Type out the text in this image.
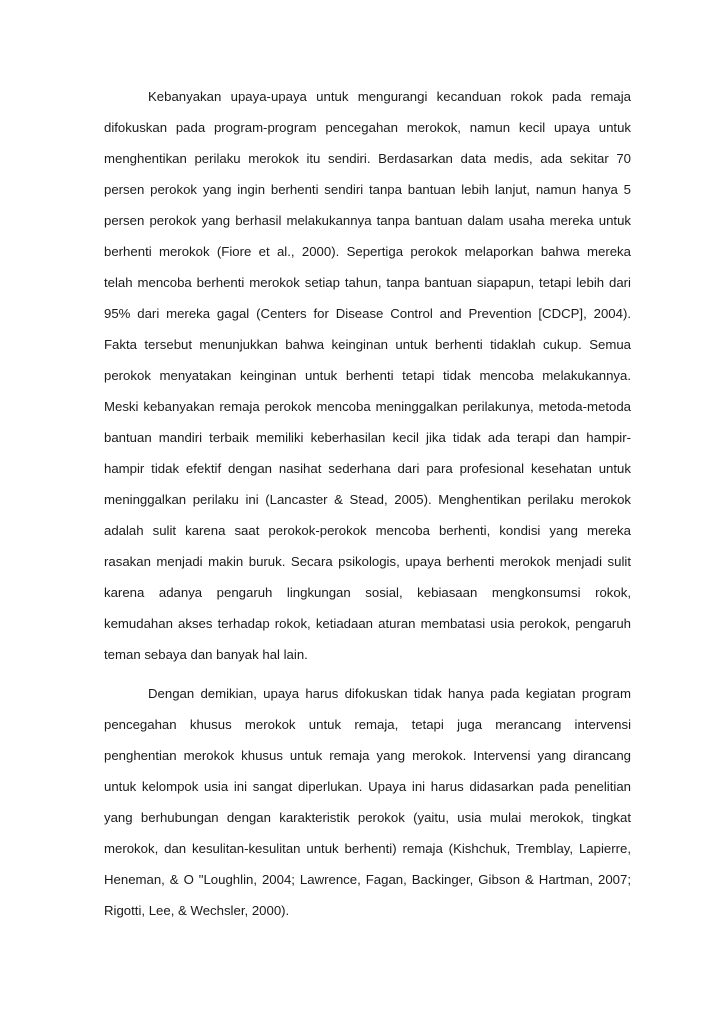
Kebanyakan upaya-upaya untuk mengurangi kecanduan rokok pada remaja
difokuskan pada program-program pencegahan merokok, namun kecil upaya untuk
menghentikan perilaku merokok itu sendiri. Berdasarkan data medis, ada sekitar 70
persen perokok yang ingin berhenti sendiri tanpa bantuan lebih lanjut, namun hanya 5
persen perokok yang berhasil melakukannya tanpa bantuan dalam usaha mereka untuk
berhenti merokok (Fiore et al., 2000). Sepertiga perokok melaporkan bahwa mereka
telah mencoba berhenti merokok setiap tahun, tanpa bantuan siapapun, tetapi lebih dari
95% dari mereka gagal (Centers for Disease Control and Prevention [CDCP], 2004).
Fakta tersebut menunjukkan bahwa keinginan untuk berhenti tidaklah cukup. Semua
perokok menyatakan keinginan untuk berhenti tetapi tidak mencoba melakukannya.
Meski kebanyakan remaja perokok mencoba meninggalkan perilakunya, metoda-metoda
bantuan mandiri terbaik memiliki keberhasilan kecil jika tidak ada terapi dan hampir-
hampir tidak efektif dengan nasihat sederhana dari para profesional kesehatan untuk
meninggalkan perilaku ini (Lancaster & Stead, 2005). Menghentikan perilaku merokok
adalah sulit karena saat perokok-perokok mencoba berhenti, kondisi yang mereka
rasakan menjadi makin buruk. Secara psikologis, upaya berhenti merokok menjadi sulit
karena adanya pengaruh lingkungan sosial, kebiasaan mengkonsumsi rokok,
kemudahan akses terhadap rokok, ketiadaan aturan membatasi usia perokok, pengaruh
teman sebaya dan banyak hal lain.
Dengan demikian, upaya harus difokuskan tidak hanya pada kegiatan program
pencegahan khusus merokok untuk remaja, tetapi juga merancang intervensi
penghentian merokok khusus untuk remaja yang merokok. Intervensi yang dirancang
untuk kelompok usia ini sangat diperlukan. Upaya ini harus didasarkan pada penelitian
yang berhubungan dengan karakteristik perokok (yaitu, usia mulai merokok, tingkat
merokok, dan kesulitan-kesulitan untuk berhenti) remaja (Kishchuk, Tremblay, Lapierre,
Heneman, & O "Loughlin, 2004; Lawrence, Fagan, Backinger, Gibson & Hartman, 2007;
Rigotti, Lee, & Wechsler, 2000).
